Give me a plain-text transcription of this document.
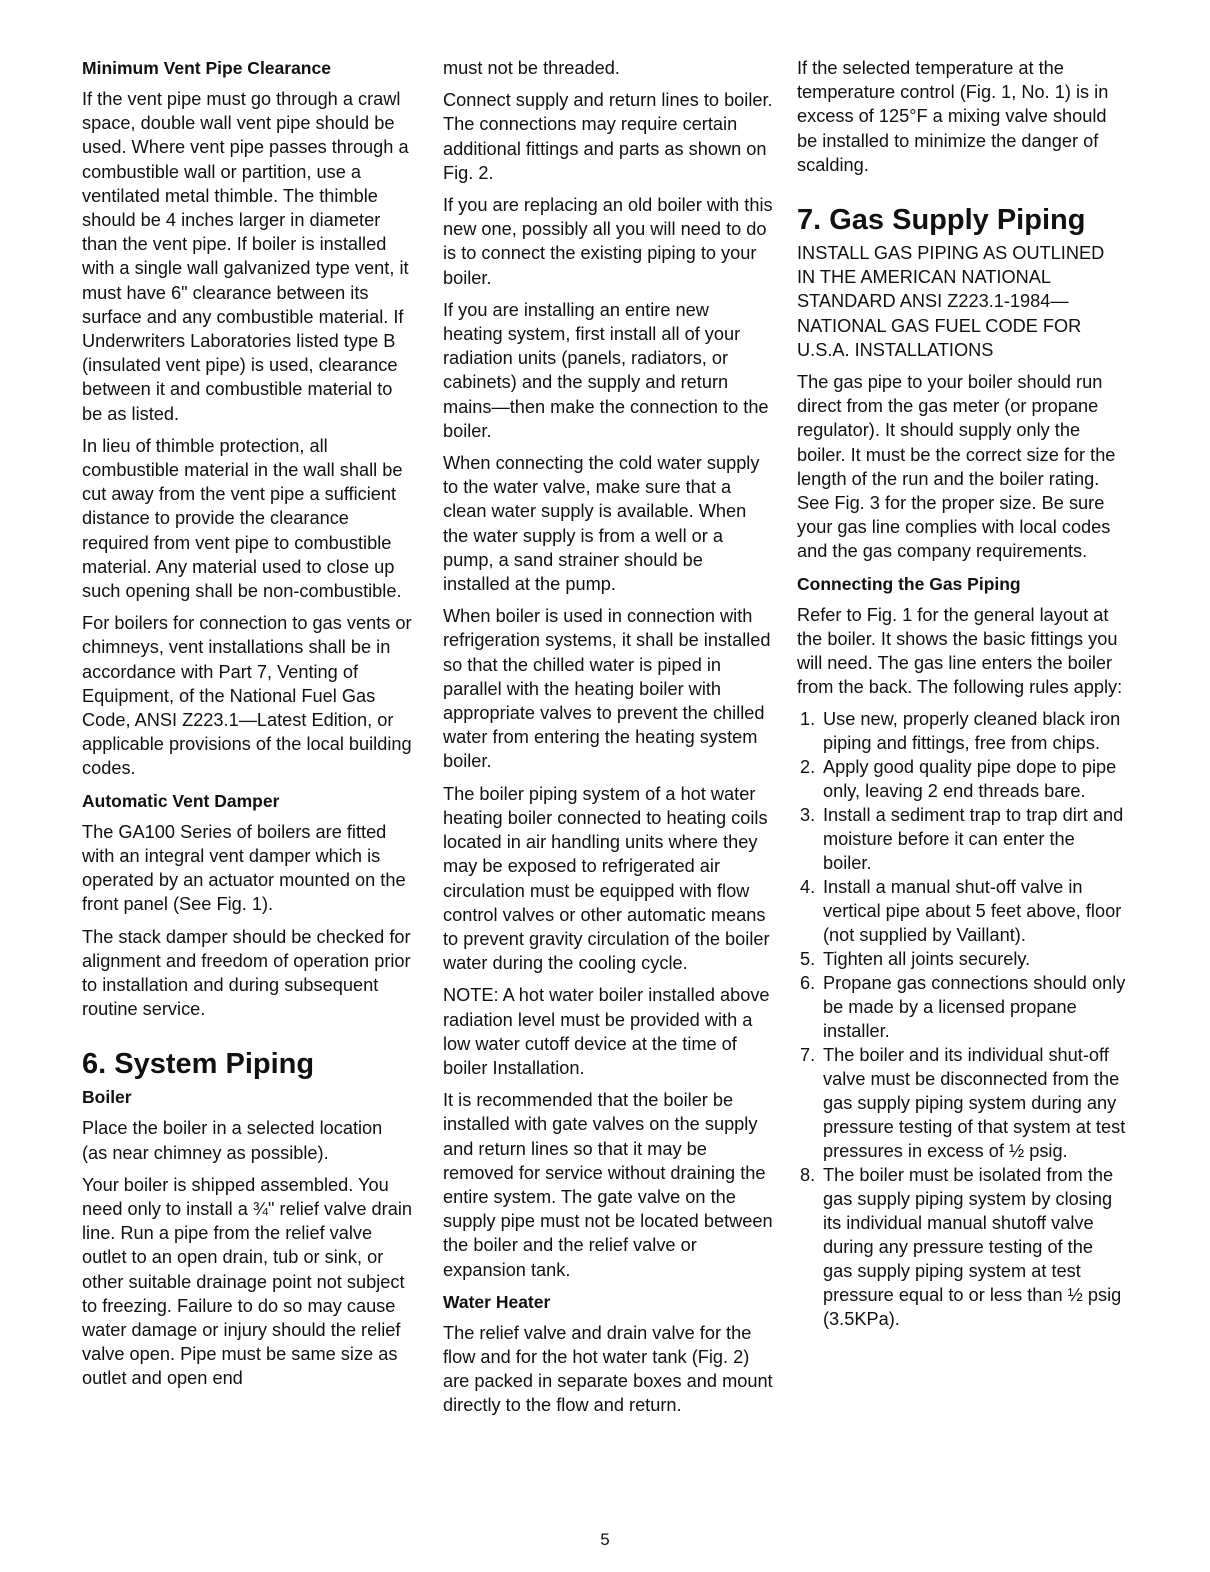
Minimum Vent Pipe Clearance

If the vent pipe must go through a crawl space, double wall vent pipe should be used. Where vent pipe passes through a combustible wall or partition, use a ventilated metal thimble. The thimble should be 4 inches larger in diameter than the vent pipe. If boiler is installed with a single wall galvanized type vent, it must have 6" clearance between its surface and any combustible material. If Underwriters Laboratories listed type B (insulated vent pipe) is used, clearance between it and combustible material to be as listed.

In lieu of thimble protection, all combustible material in the wall shall be cut away from the vent pipe a sufficient distance to provide the clearance required from vent pipe to combustible material. Any material used to close up such opening shall be non-combustible.

For boilers for connection to gas vents or chimneys, vent installations shall be in accordance with Part 7, Venting of Equipment, of the National Fuel Gas Code, ANSI Z223.1—Latest Edition, or applicable provisions of the local building codes.

Automatic Vent Damper

The GA100 Series of boilers are fitted with an integral vent damper which is operated by an actuator mounted on the front panel (See Fig. 1).

The stack damper should be checked for alignment and freedom of operation prior to installation and during subsequent routine service.

6. System Piping
Boiler

Place the boiler in a selected location (as near chimney as possible).

Your boiler is shipped assembled. You need only to install a ¾" relief valve drain line. Run a pipe from the relief valve outlet to an open drain, tub or sink, or other suitable drainage point not subject to freezing. Failure to do so may cause water damage or injury should the relief valve open. Pipe must be same size as outlet and open end

must not be threaded.

Connect supply and return lines to boiler. The connections may require certain additional fittings and parts as shown on Fig. 2.

If you are replacing an old boiler with this new one, possibly all you will need to do is to connect the existing piping to your boiler.

If you are installing an entire new heating system, first install all of your radiation units (panels, radiators, or cabinets) and the supply and return mains—then make the connection to the boiler.

When connecting the cold water supply to the water valve, make sure that a clean water supply is available. When the water supply is from a well or a pump, a sand strainer should be installed at the pump.

When boiler is used in connection with refrigeration systems, it shall be installed so that the chilled water is piped in parallel with the heating boiler with appropriate valves to prevent the chilled water from entering the heating system boiler.

The boiler piping system of a hot water heating boiler connected to heating coils located in air handling units where they may be exposed to refrigerated air circulation must be equipped with flow control valves or other automatic means to prevent gravity circulation of the boiler water during the cooling cycle.

NOTE: A hot water boiler installed above radiation level must be provided with a low water cutoff device at the time of boiler Installation.

It is recommended that the boiler be installed with gate valves on the supply and return lines so that it may be removed for service without draining the entire system. The gate valve on the supply pipe must not be located between the boiler and the relief valve or expansion tank.

Water Heater

The relief valve and drain valve for the flow and for the hot water tank (Fig. 2) are packed in separate boxes and mount directly to the flow and return.

If the selected temperature at the temperature control (Fig. 1, No. 1) is in excess of 125°F a mixing valve should be installed to minimize the danger of scalding.

7. Gas Supply Piping

INSTALL GAS PIPING AS OUTLINED IN THE AMERICAN NATIONAL STANDARD ANSI Z223.1-1984— NATIONAL GAS FUEL CODE FOR U.S.A. INSTALLATIONS

The gas pipe to your boiler should run direct from the gas meter (or propane regulator). It should supply only the boiler. It must be the correct size for the length of the run and the boiler rating. See Fig. 3 for the proper size. Be sure your gas line complies with local codes and the gas company requirements.

Connecting the Gas Piping

Refer to Fig. 1 for the general layout at the boiler. It shows the basic fittings you will need. The gas line enters the boiler from the back. The following rules apply:

1. Use new, properly cleaned black iron piping and fittings, free from chips.
2. Apply good quality pipe dope to pipe only, leaving 2 end threads bare.
3. Install a sediment trap to trap dirt and moisture before it can enter the boiler.
4. Install a manual shut-off valve in vertical pipe about 5 feet above, floor (not supplied by Vaillant).
5. Tighten all joints securely.
6. Propane gas connections should only be made by a licensed propane installer.
7. The boiler and its individual shut-off valve must be disconnected from the gas supply piping system during any pressure testing of that system at test pressures in excess of ½ psig.
8. The boiler must be isolated from the gas supply piping system by closing its individual manual shutoff valve during any pressure testing of the gas supply piping system at test pressure equal to or less than ½ psig (3.5KPa).
5
